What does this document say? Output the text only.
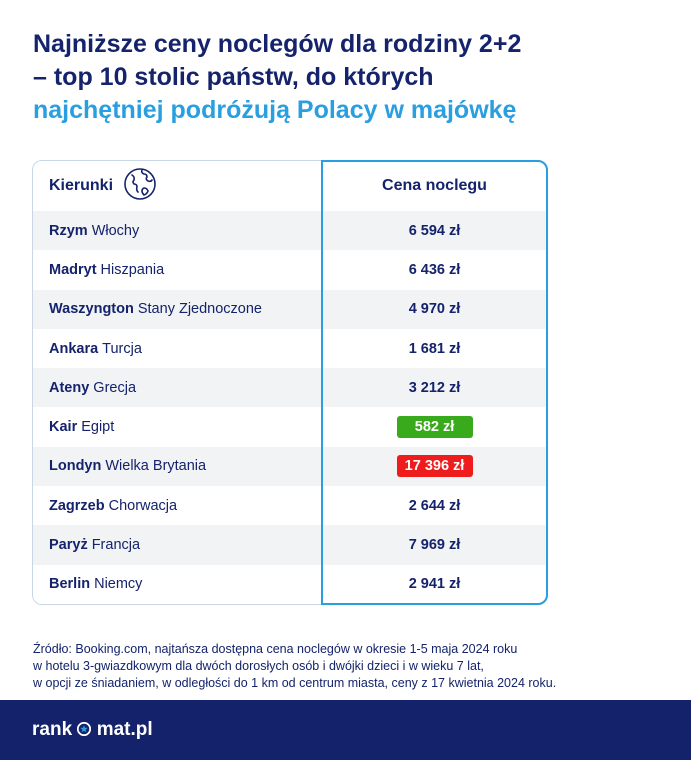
Najniższe ceny noclegów dla rodziny 2+2
– top 10 stolic państw, do których
najchętniej podróżują Polacy w majówkę
Kierunki	Cena noclegu
Rzym Włochy	6 594 zł
Madryt Hiszpania	6 436 zł
Waszyngton Stany Zjednoczone	4 970 zł
Ankara Turcja	1 681 zł
Ateny Grecja	3 212 zł
Kair Egipt	582 zł
Londyn Wielka Brytania	17 396 zł
Zagrzeb Chorwacja	2 644 zł
Paryż Francja	7 969 zł
Berlin Niemcy	2 941 zł
Źródło: Booking.com, najtańsza dostępna cena noclegów w okresie 1-5 maja 2024 roku
w hotelu 3-gwiazdkowym dla dwóch dorosłych osób i dwójki dzieci i w wieku 7 lat,
w opcji ze śniadaniem, w odległości do 1 km od centrum miasta, ceny z 17 kwietnia 2024 roku.
rank mat.pl
